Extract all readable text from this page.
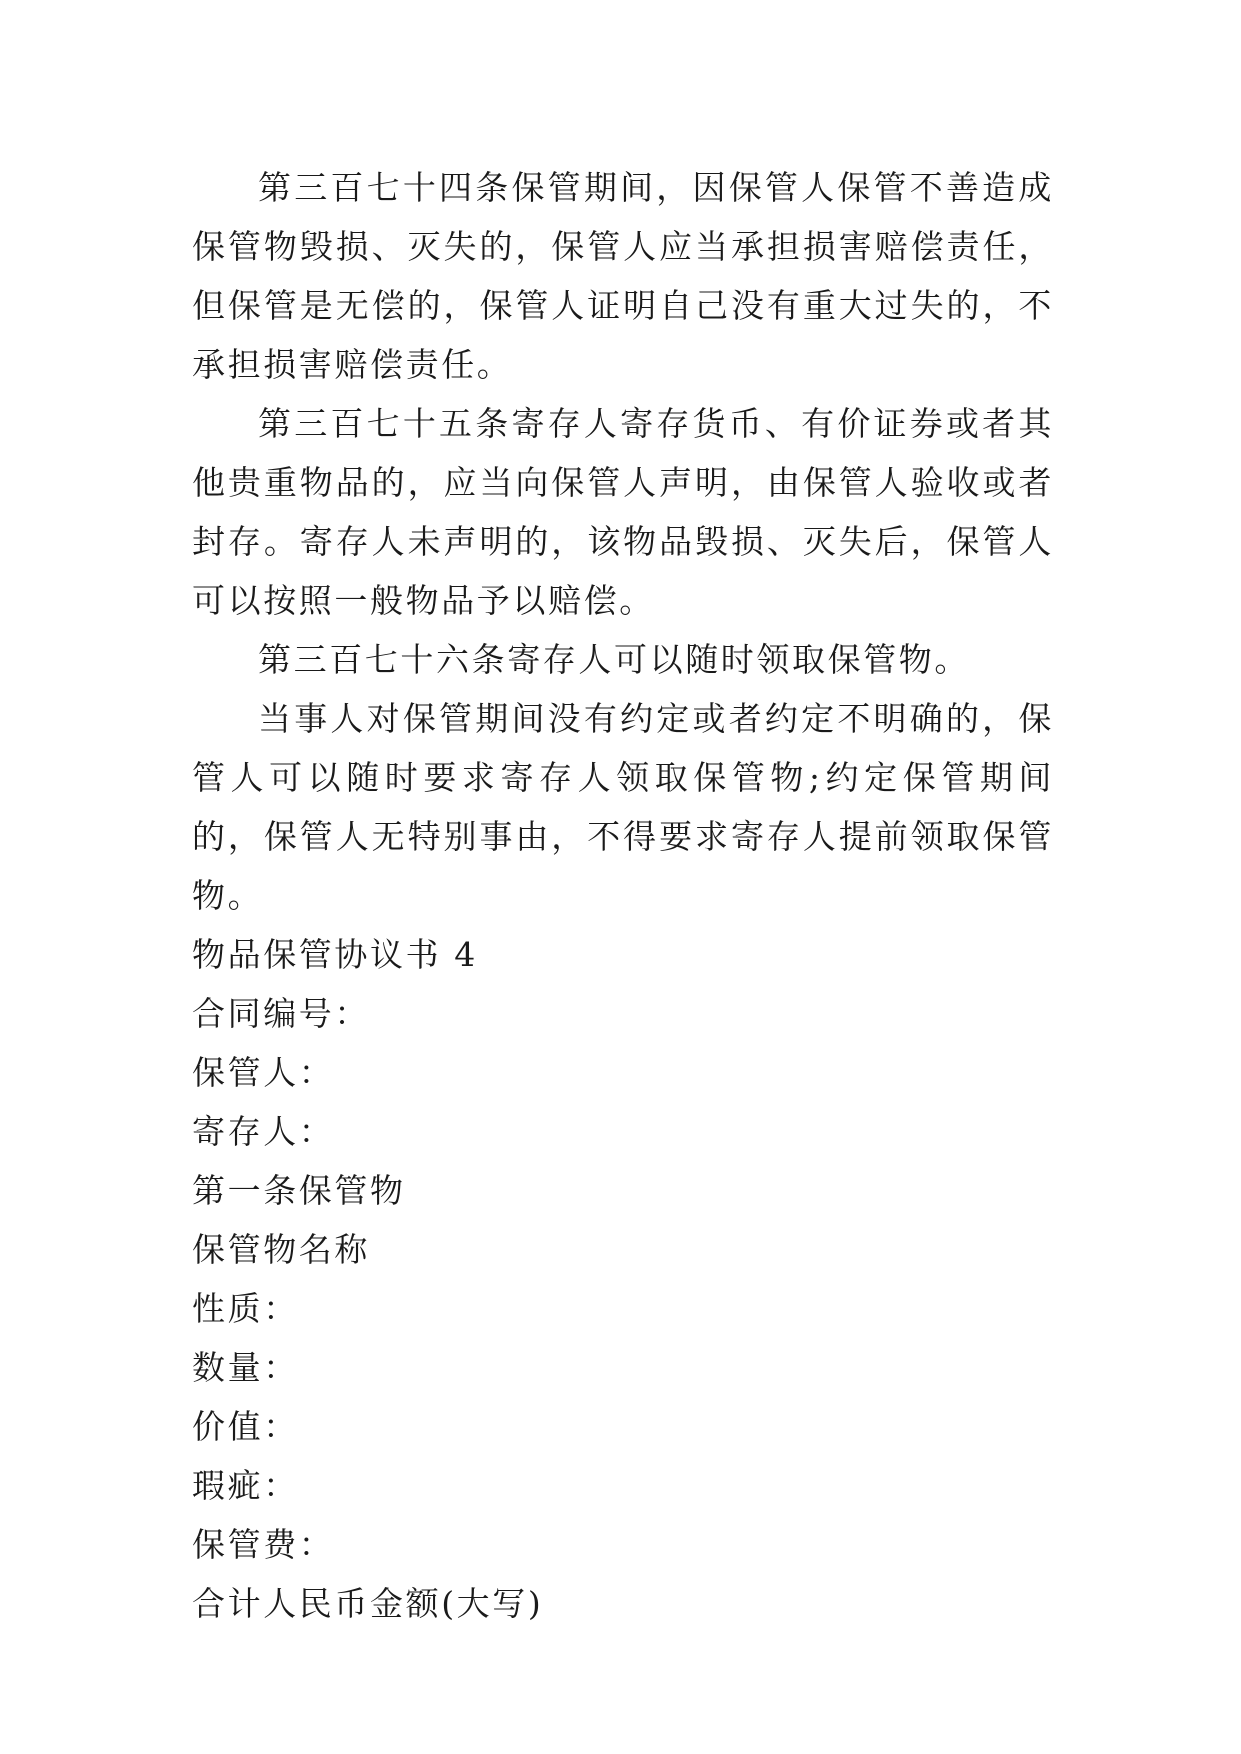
第三百七十四条保管期间，因保管人保管不善造成保管物毁损、灭失的，保管人应当承担损害赔偿责任，但保管是无偿的，保管人证明自己没有重大过失的，不承担损害赔偿责任。

第三百七十五条寄存人寄存货币、有价证券或者其他贵重物品的，应当向保管人声明，由保管人验收或者封存。寄存人未声明的，该物品毁损、灭失后，保管人可以按照一般物品予以赔偿。

第三百七十六条寄存人可以随时领取保管物。

当事人对保管期间没有约定或者约定不明确的，保管人可以随时要求寄存人领取保管物;约定保管期间的，保管人无特别事由，不得要求寄存人提前领取保管物。

物品保管协议书 4

合同编号：

保管人：

寄存人：

第一条保管物

保管物名称

性质：

数量：

价值：

瑕疵：

保管费：

合计人民币金额(大写)
